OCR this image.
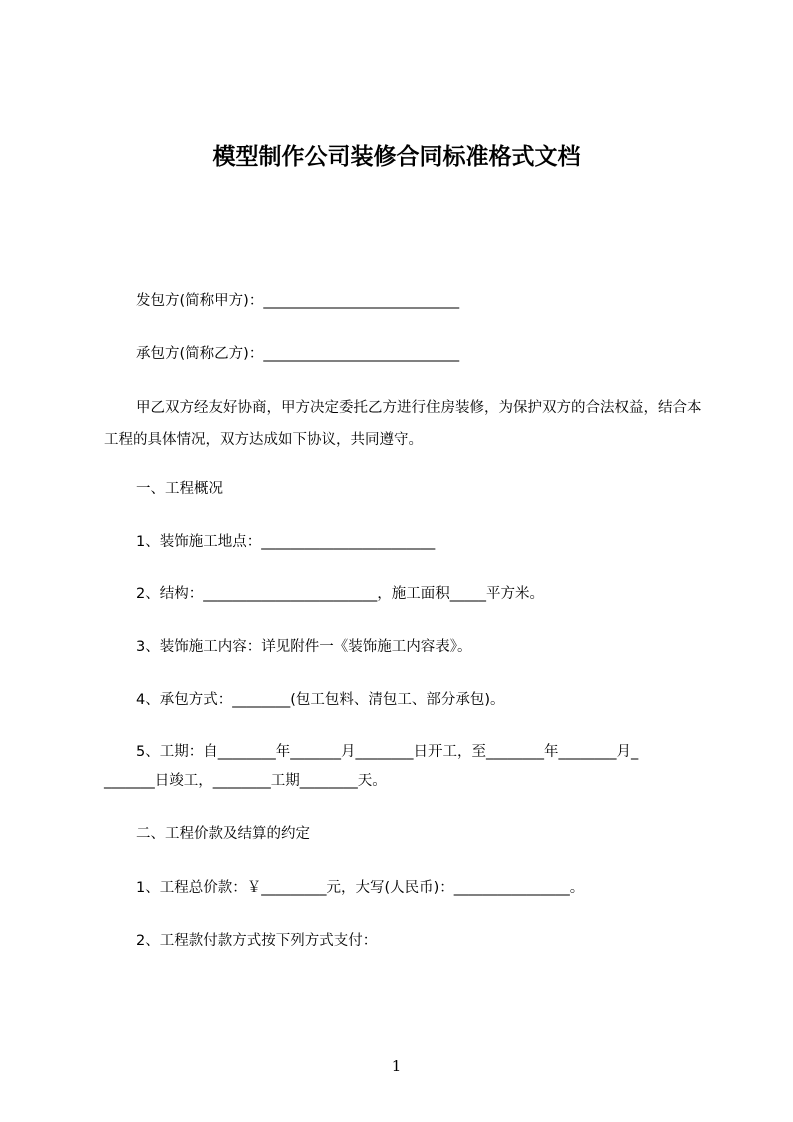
模型制作公司装修合同标准格式文档
发包方(简称甲方)：___________________________
承包方(简称乙方)：___________________________
甲乙双方经友好协商，甲方决定委托乙方进行住房装修，为保护双方的合法权益，结合本工程的具体情况，双方达成如下协议，共同遵守。
一、工程概况
1、装饰施工地点：________________________
2、结构：________________________，施工面积_____平方米。
3、装饰施工内容：详见附件一《装饰施工内容表》。
4、承包方式：________(包工包料、清包工、部分承包)。
5、工期：自________年_______月________日开工，至________年________月_
_______日竣工，________工期________天。
二、工程价款及结算的约定
1、工程总价款：￥_________元，大写(人民币)：________________。
2、工程款付款方式按下列方式支付：
1
